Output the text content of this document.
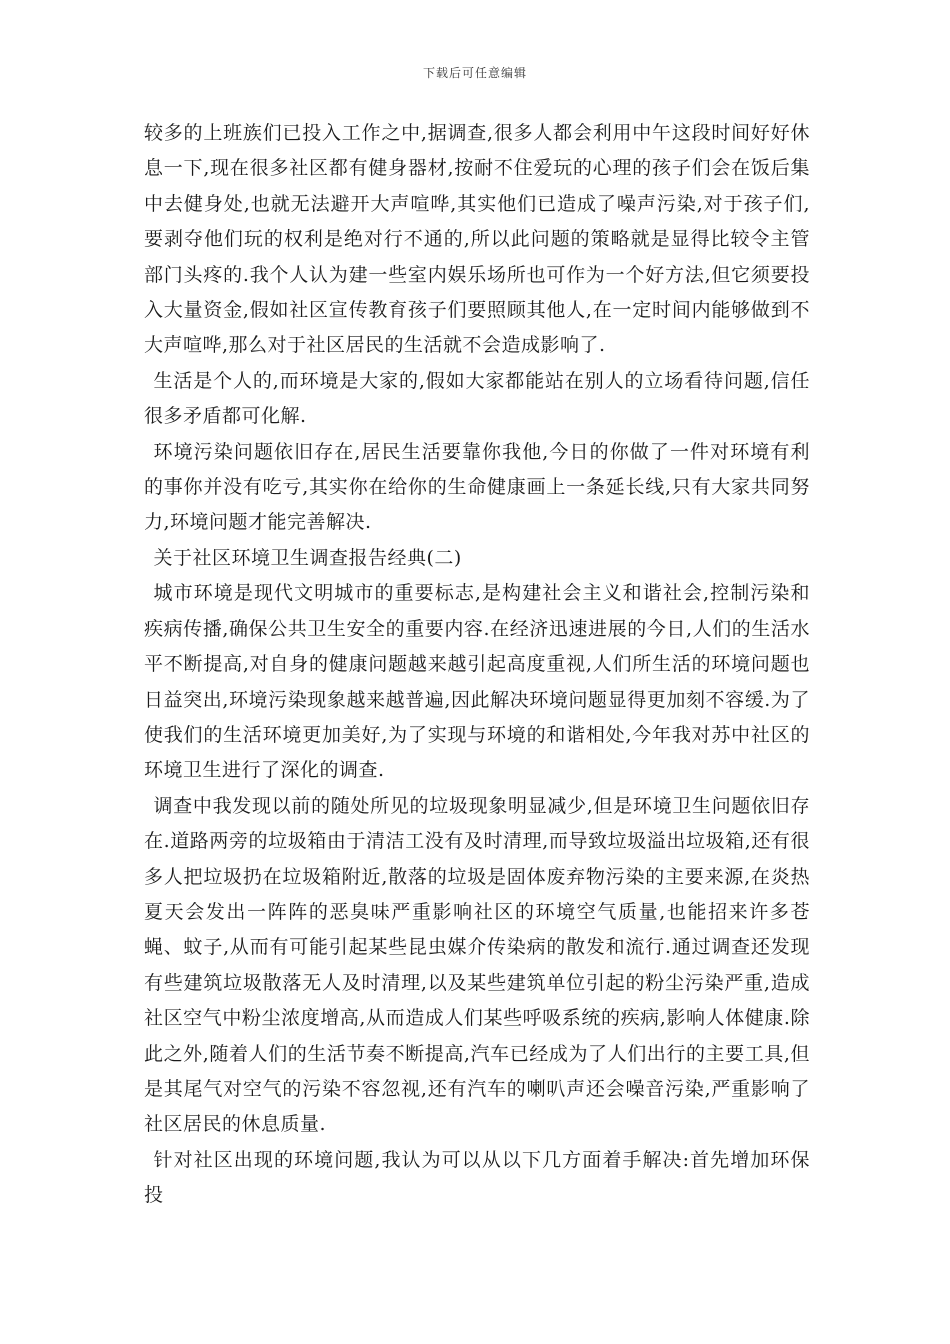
下载后可任意编辑

较多的上班族们已投入工作之中,据调查,很多人都会利用中午这段时间好好休息一下,现在很多社区都有健身器材,按耐不住爱玩的心理的孩子们会在饭后集中去健身处,也就无法避开大声喧哗,其实他们已造成了噪声污染,对于孩子们,要剥夺他们玩的权利是绝对行不通的,所以此问题的策略就是显得比较令主管部门头疼的.我个人认为建一些室内娱乐场所也可作为一个好方法,但它须要投入大量资金,假如社区宣传教育孩子们要照顾其他人,在一定时间内能够做到不大声喧哗,那么对于社区居民的生活就不会造成影响了.

生活是个人的,而环境是大家的,假如大家都能站在别人的立场看待问题,信任很多矛盾都可化解.

环境污染问题依旧存在,居民生活要靠你我他,今日的你做了一件对环境有利的事你并没有吃亏,其实你在给你的生命健康画上一条延长线,只有大家共同努力,环境问题才能完善解决.

关于社区环境卫生调查报告经典(二)

城市环境是现代文明城市的重要标志,是构建社会主义和谐社会,控制污染和疾病传播,确保公共卫生安全的重要内容.在经济迅速进展的今日,人们的生活水平不断提高,对自身的健康问题越来越引起高度重视,人们所生活的环境问题也日益突出,环境污染现象越来越普遍,因此解决环境问题显得更加刻不容缓.为了使我们的生活环境更加美好,为了实现与环境的和谐相处,今年我对苏中社区的环境卫生进行了深化的调查.

调查中我发现以前的随处所见的垃圾现象明显减少,但是环境卫生问题依旧存在.道路两旁的垃圾箱由于清洁工没有及时清理,而导致垃圾溢出垃圾箱,还有很多人把垃圾扔在垃圾箱附近,散落的垃圾是固体废弃物污染的主要来源,在炎热夏天会发出一阵阵的恶臭味严重影响社区的环境空气质量,也能招来许多苍蝇、蚊子,从而有可能引起某些昆虫媒介传染病的散发和流行.通过调查还发现有些建筑垃圾散落无人及时清理,以及某些建筑单位引起的粉尘污染严重,造成社区空气中粉尘浓度增高,从而造成人们某些呼吸系统的疾病,影响人体健康.除此之外,随着人们的生活节奏不断提高,汽车已经成为了人们出行的主要工具,但是其尾气对空气的污染不容忽视,还有汽车的喇叭声还会噪音污染,严重影响了社区居民的休息质量.

针对社区出现的环境问题,我认为可以从以下几方面着手解决:首先增加环保投
